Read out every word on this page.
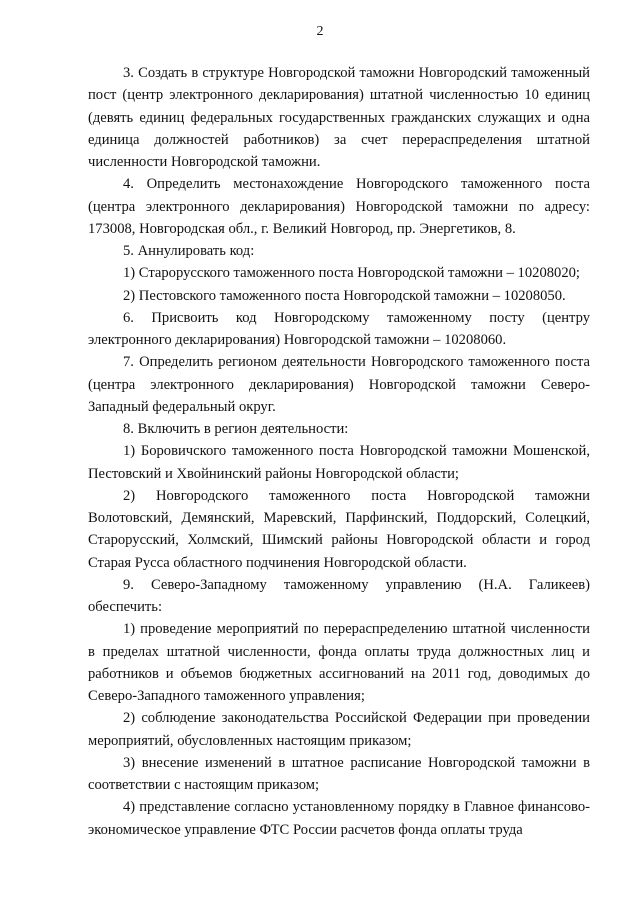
2

3. Создать в структуре Новгородской таможни Новгородский таможенный пост (центр электронного декларирования) штатной численностью 10 единиц (девять единиц федеральных государственных гражданских служащих и одна единица должностей работников) за счет перераспределения штатной численности Новгородской таможни.

4. Определить местонахождение Новгородского таможенного поста (центра электронного декларирования) Новгородской таможни по адресу: 173008, Новгородская обл., г. Великий Новгород, пр. Энергетиков, 8.

5. Аннулировать код:

1) Старорусского таможенного поста Новгородской таможни – 10208020;

2) Пестовского таможенного поста Новгородской таможни – 10208050.

6. Присвоить код Новгородскому таможенному посту (центру электронного декларирования) Новгородской таможни – 10208060.

7. Определить регионом деятельности Новгородского таможенного поста (центра электронного декларирования) Новгородской таможни Северо-Западный федеральный округ.

8. Включить в регион деятельности:

1) Боровичского таможенного поста Новгородской таможни Мошенской, Пестовский и Хвойнинский районы Новгородской области;

2) Новгородского таможенного поста Новгородской таможни Волотовский, Демянский, Маревский, Парфинский, Поддорский, Солецкий, Старорусский, Холмский, Шимский районы Новгородской области и город Старая Русса областного подчинения Новгородской области.

9. Северо-Западному таможенному управлению (Н.А. Галикеев) обеспечить:

1) проведение мероприятий по перераспределению штатной численности в пределах штатной численности, фонда оплаты труда должностных лиц и работников и объемов бюджетных ассигнований на 2011 год, доводимых до Северо-Западного таможенного управления;

2) соблюдение законодательства Российской Федерации при проведении мероприятий, обусловленных настоящим приказом;

3) внесение изменений в штатное расписание Новгородской таможни в соответствии с настоящим приказом;

4) представление согласно установленному порядку в Главное финансово-экономическое управление ФТС России расчетов фонда оплаты труда
